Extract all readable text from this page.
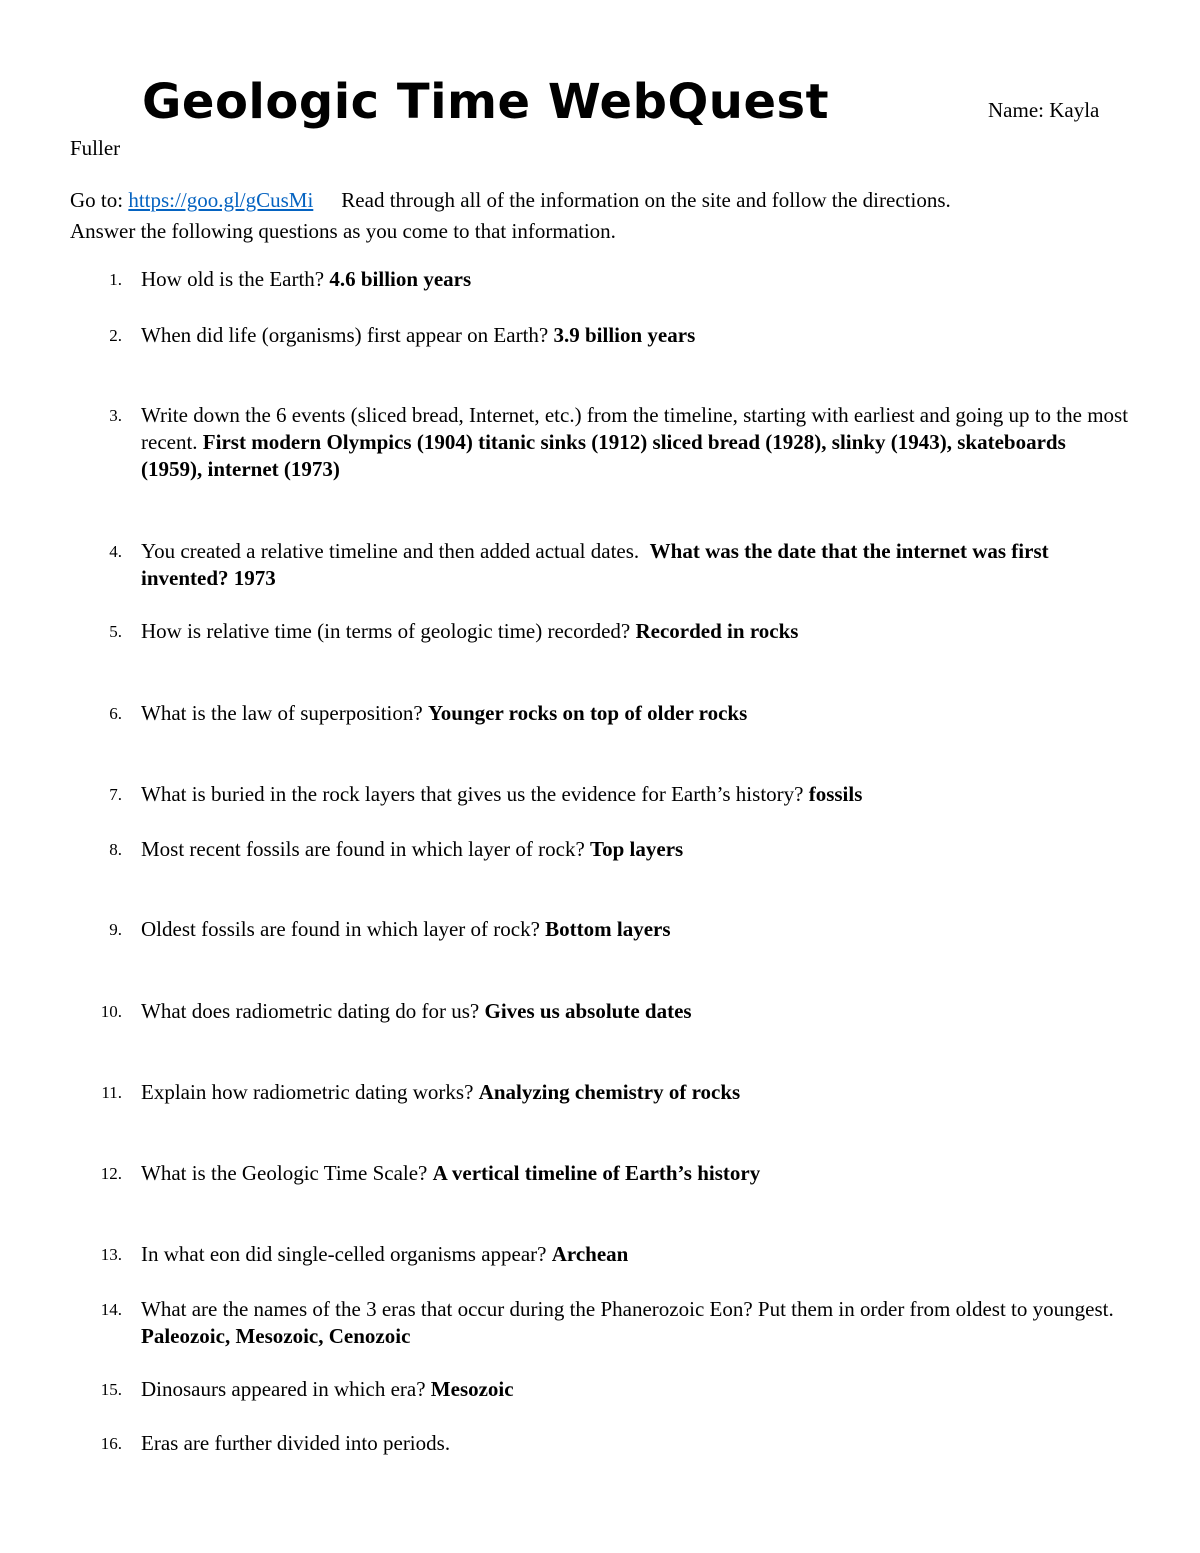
Geologic Time WebQuest	Name: Kayla
Fuller
Go to: https://goo.gl/gCusMi Read through all of the information on the site and follow the directions.
Answer the following questions as you come to that information.
1. How old is the Earth? 4.6 billion years
2. When did life (organisms) first appear on Earth? 3.9 billion years
3. Write down the 6 events (sliced bread, Internet, etc.) from the timeline, starting with earliest and going up to the most recent. First modern Olympics (1904) titanic sinks (1912) sliced bread (1928), slinky (1943), skateboards (1959), internet (1973)
4. You created a relative timeline and then added actual dates. What was the date that the internet was first invented? 1973
5. How is relative time (in terms of geologic time) recorded? Recorded in rocks
6. What is the law of superposition? Younger rocks on top of older rocks
7. What is buried in the rock layers that gives us the evidence for Earth’s history? fossils
8. Most recent fossils are found in which layer of rock? Top layers
9. Oldest fossils are found in which layer of rock? Bottom layers
10. What does radiometric dating do for us? Gives us absolute dates
11. Explain how radiometric dating works? Analyzing chemistry of rocks
12. What is the Geologic Time Scale? A vertical timeline of Earth’s history
13. In what eon did single-celled organisms appear? Archean
14. What are the names of the 3 eras that occur during the Phanerozoic Eon? Put them in order from oldest to youngest. Paleozoic, Mesozoic, Cenozoic
15. Dinosaurs appeared in which era? Mesozoic
16. Eras are further divided into periods.
